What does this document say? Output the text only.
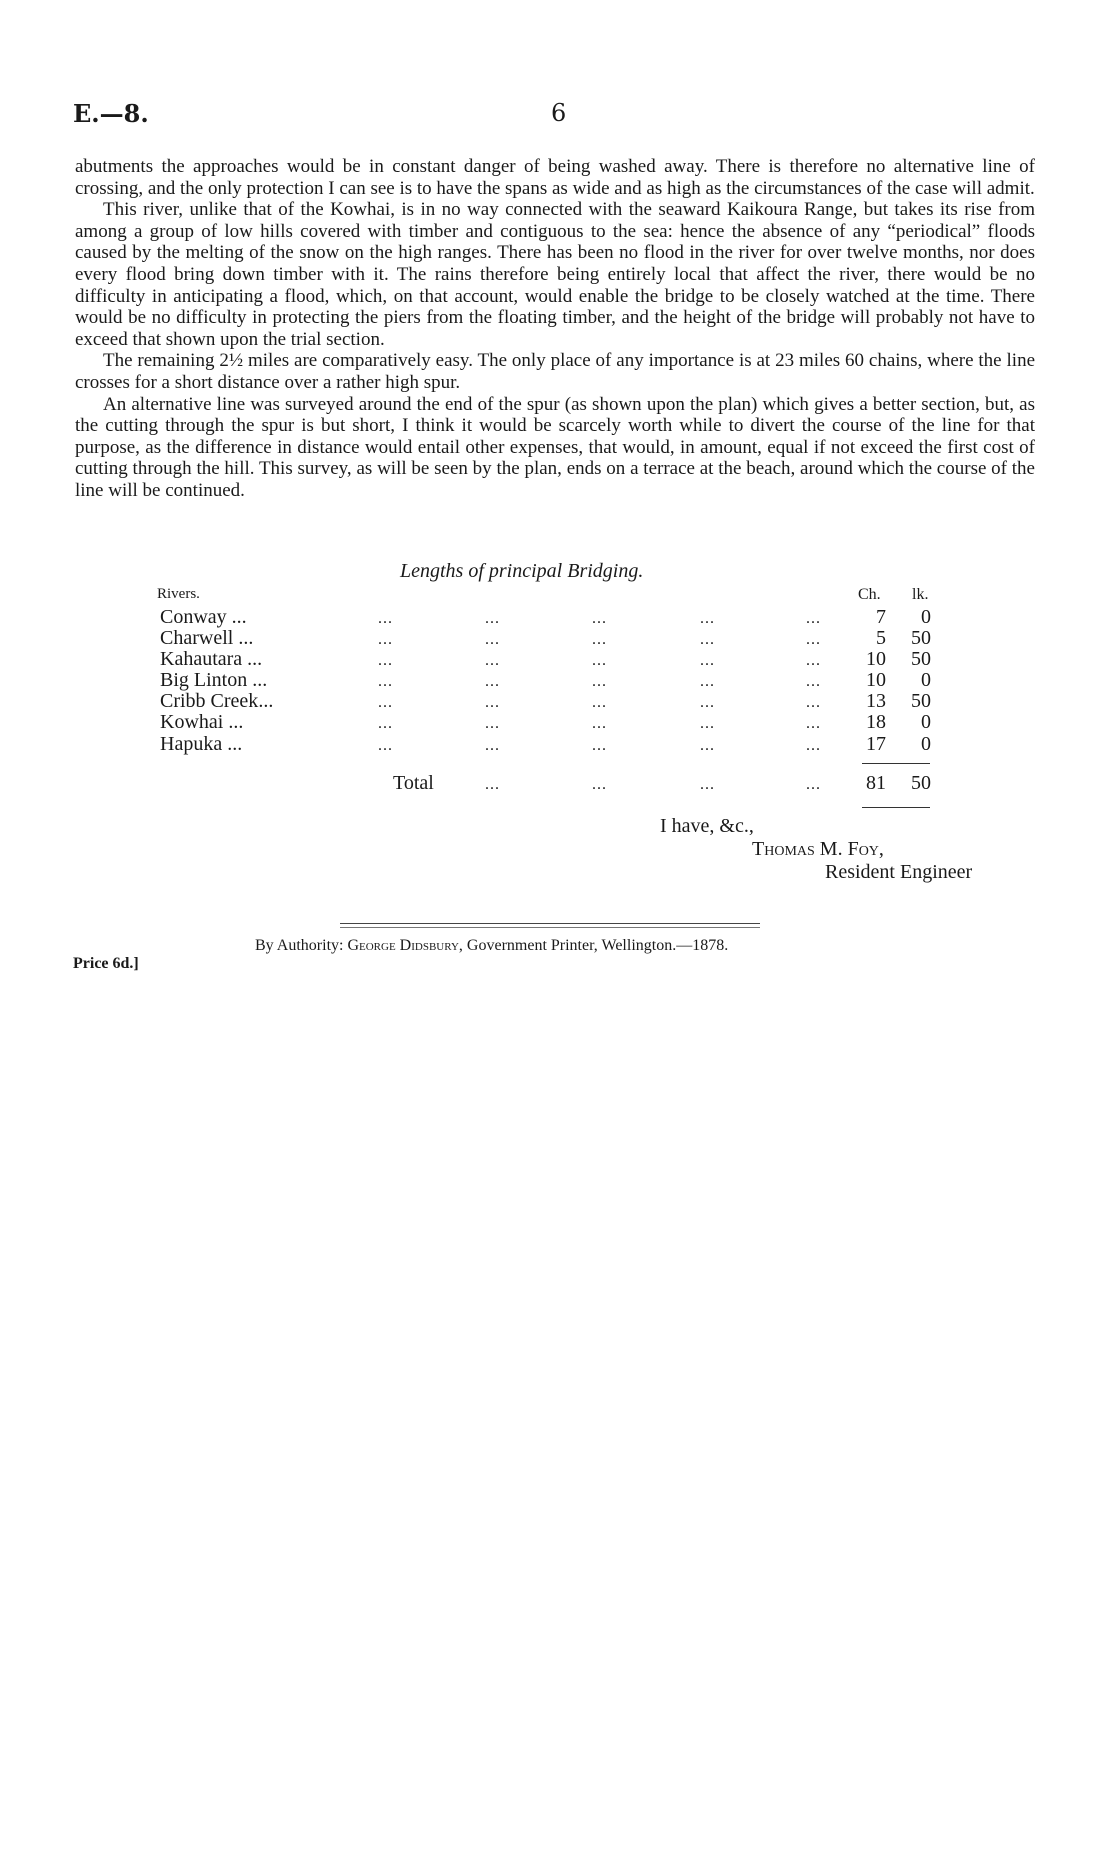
E.—8.	6

abutments the approaches would be in constant danger of being washed away. There is therefore no alternative line of crossing, and the only protection I can see is to have the spans as wide and as high as the circumstances of the case will admit.

This river, unlike that of the Kowhai, is in no way connected with the seaward Kaikoura Range, but takes its rise from among a group of low hills covered with timber and contiguous to the sea: hence the absence of any “periodical” floods caused by the melting of the snow on the high ranges. There has been no flood in the river for over twelve months, nor does every flood bring down timber with it. The rains therefore being entirely local that affect the river, there would be no difficulty in anticipating a flood, which, on that account, would enable the bridge to be closely watched at the time. There would be no difficulty in protecting the piers from the floating timber, and the height of the bridge will probably not have to exceed that shown upon the trial section.

The remaining 2½ miles are comparatively easy. The only place of any importance is at 23 miles 60 chains, where the line crosses for a short distance over a rather high spur.

An alternative line was surveyed around the end of the spur (as shown upon the plan) which gives a better section, but, as the cutting through the spur is but short, I think it would be scarcely worth while to divert the course of the line for that purpose, as the difference in distance would entail other expenses, that would, in amount, equal if not exceed the first cost of cutting through the hill. This survey, as will be seen by the plan, ends on a terrace at the beach, around which the course of the line will be continued.

Lengths of principal Bridging.
Rivers.	Ch. lk.
Conway ...	...	...	...	...	...	7	0
Charwell ...	...	...	...	...	...	5	50
Kahautara ...	...	...	...	...	...	10	50
Big Linton ...	...	...	...	...	...	10	0
Cribb Creek...	...	...	...	...	...	13	50
Kowhai ...	...	...	...	...	...	18	0
Hapuka ...	...	...	...	...	...	17	0
Total	...	...	...	...	81	50
I have, &c.,
Thomas M. Foy,
Resident Engineer
By Authority: George Didsbury, Government Printer, Wellington.—1878.
Price 6d.]
